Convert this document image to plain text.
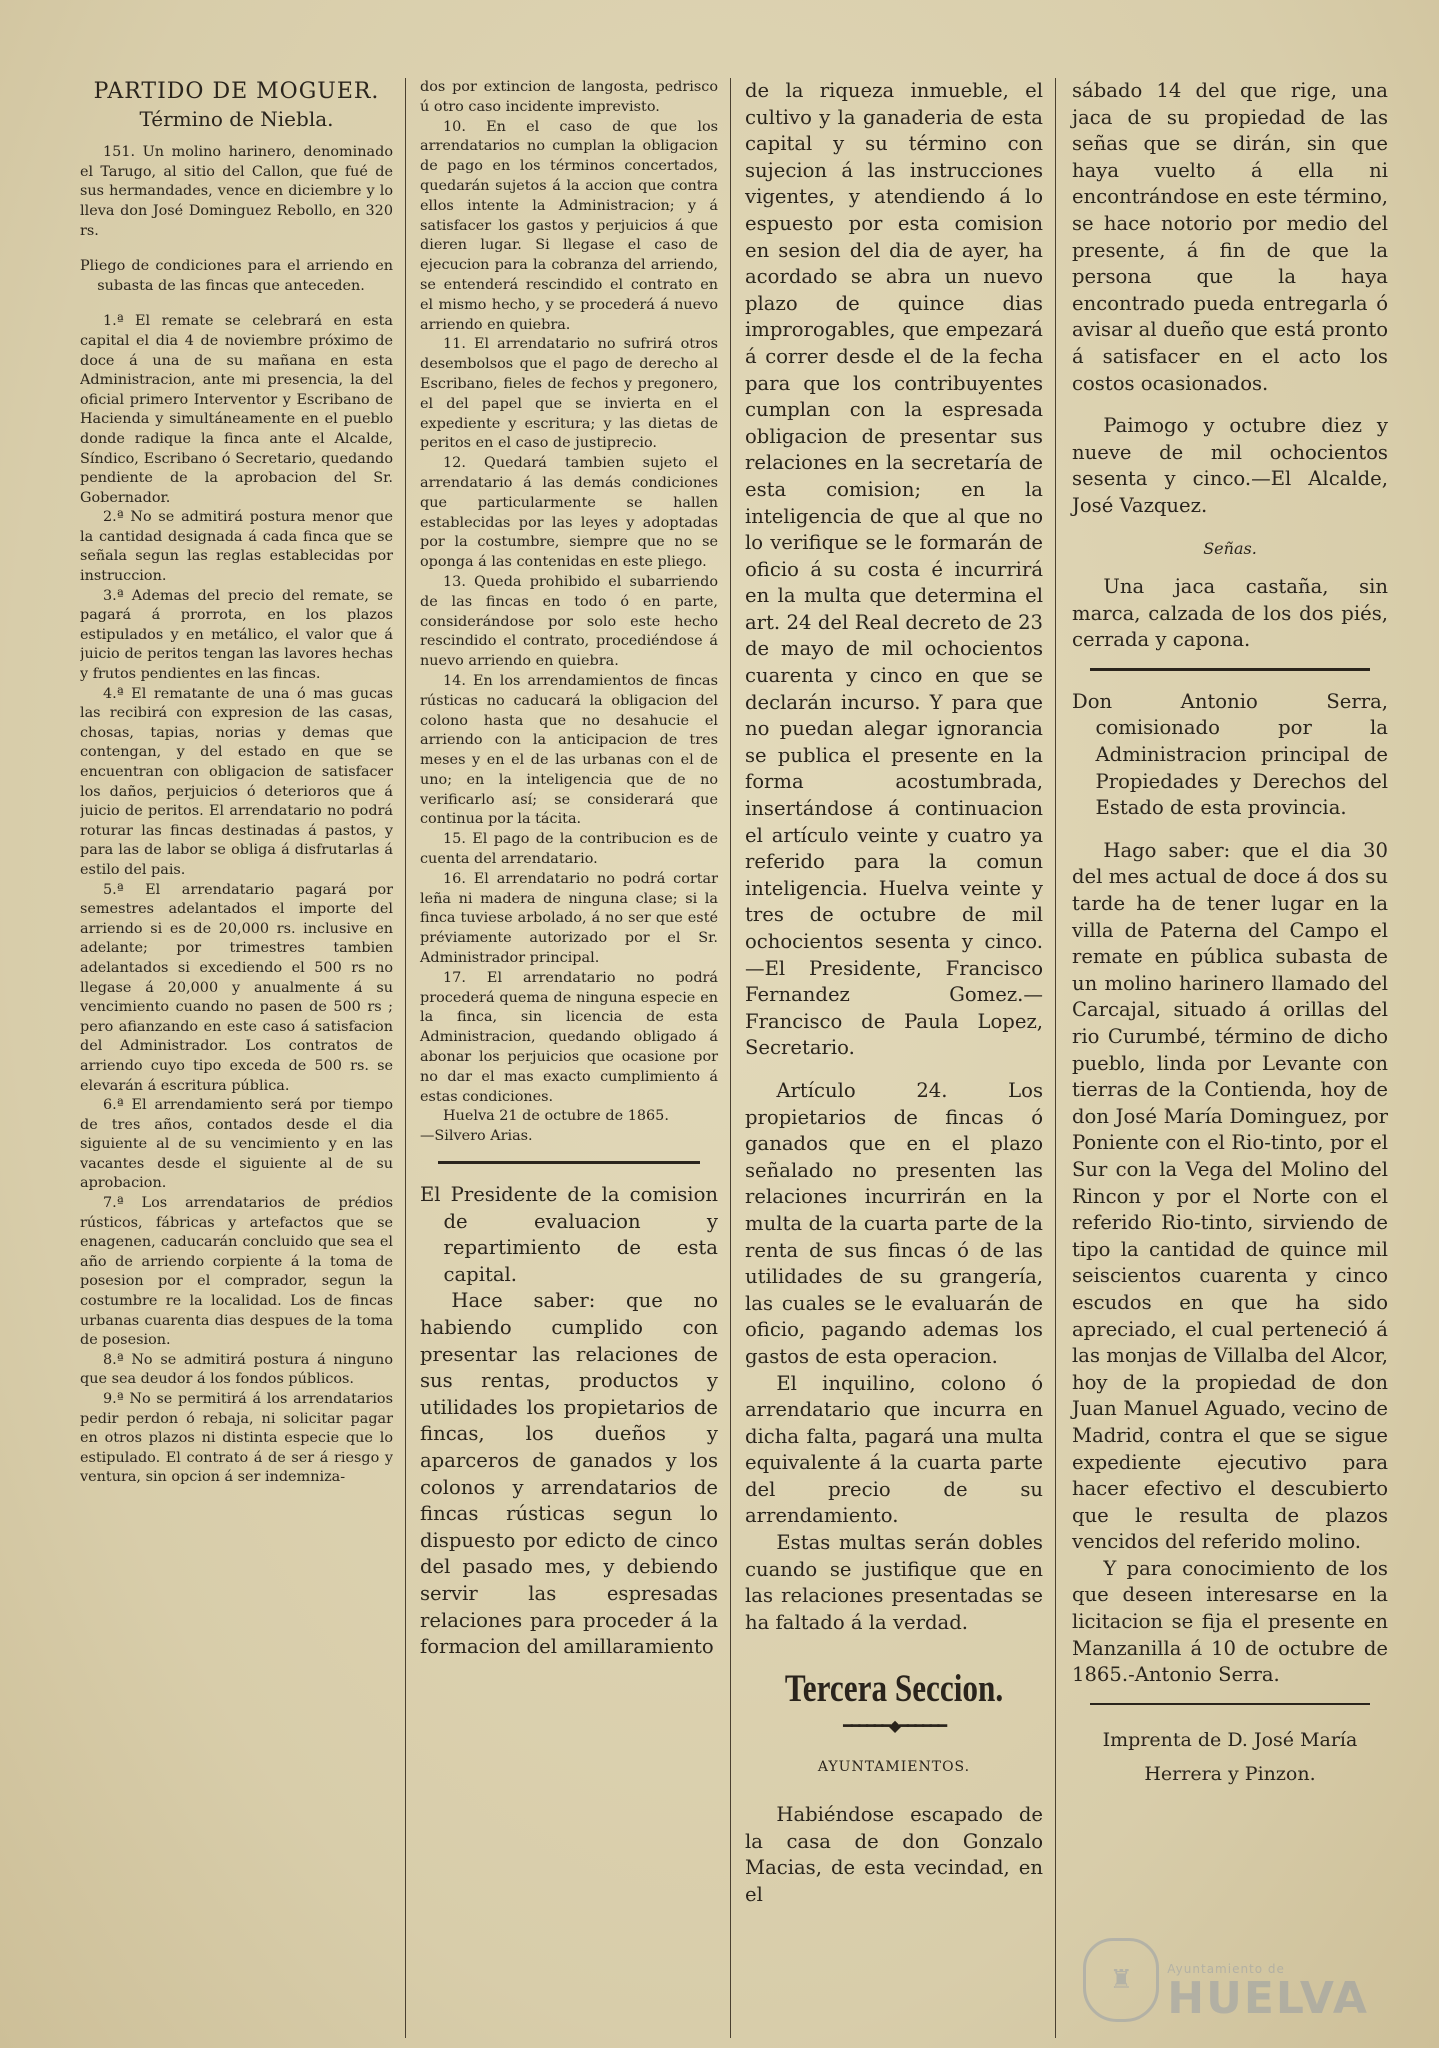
PARTIDO DE MOGUER.
Término de Niebla.

151. Un molino harinero, denominado el Tarugo, al sitio del Callon, que fué de sus hermandades, vence en diciembre y lo lleva don José Dominguez Rebollo, en 320 rs.

Pliego de condiciones para el arriendo en subasta de las fincas que anteceden.

1.ª El remate se celebrará en esta capital el dia 4 de noviembre próximo de doce á una de su mañana en esta Administracion, ante mi presencia, la del oficial primero Interventor y Escribano de Hacienda y simultáneamente en el pueblo donde radique la finca ante el Alcalde, Síndico, Escribano ó Secretario, quedando pendiente de la aprobacion del Sr. Gobernador.

2.ª No se admitirá postura menor que la cantidad designada á cada finca que se señala segun las reglas establecidas por instruccion.

3.ª Ademas del precio del remate, se pagará á prorrota, en los plazos estipulados y en metálico, el valor que á juicio de peritos tengan las lavores hechas y frutos pendientes en las fincas.

4.ª El rematante de una ó mas gucas las recibirá con expresion de las casas, chosas, tapias, norias y demas que contengan, y del estado en que se encuentran con obligacion de satisfacer los daños, perjuicios ó deterioros que á juicio de peritos. El arrendatario no podrá roturar las fincas destinadas á pastos, y para las de labor se obliga á disfrutarlas á estilo del pais.

5.ª El arrendatario pagará por semestres adelantados el importe del arriendo si es de 20,000 rs. inclusive en adelante; por trimestres tambien adelantados si excediendo el 500 rs no llegase á 20,000 y anualmente á su vencimiento cuando no pasen de 500 rs ; pero afianzando en este caso á satisfacion del Administrador. Los contratos de arriendo cuyo tipo exceda de 500 rs. se elevarán á escritura pública.

6.ª El arrendamiento será por tiempo de tres años, contados desde el dia siguiente al de su vencimiento y en las vacantes desde el siguiente al de su aprobacion.

7.ª Los arrendatarios de prédios rústicos, fábricas y artefactos que se enagenen, caducarán concluido que sea el año de arriendo corpiente á la toma de posesion por el comprador, segun la costumbre re la localidad. Los de fincas urbanas cuarenta dias despues de la toma de posesion.

8.ª No se admitirá postura á ninguno que sea deudor á los fondos públicos.

9.ª No se permitirá á los arrendatarios pedir perdon ó rebaja, ni solicitar pagar en otros plazos ni distinta especie que lo estipulado. El contrato á de ser á riesgo y ventura, sin opcion á ser indemniza-

dos por extincion de langosta, pedrisco ú otro caso incidente imprevisto.

10. En el caso de que los arrendatarios no cumplan la obligacion de pago en los términos concertados, quedarán sujetos á la accion que contra ellos intente la Administracion; y á satisfacer los gastos y perjuicios á que dieren lugar. Si llegase el caso de ejecucion para la cobranza del arriendo, se entenderá rescindido el contrato en el mismo hecho, y se procederá á nuevo arriendo en quiebra.

11. El arrendatario no sufrirá otros desembolsos que el pago de derecho al Escribano, fieles de fechos y pregonero, el del papel que se invierta en el expediente y escritura; y las dietas de peritos en el caso de justiprecio.

12. Quedará tambien sujeto el arrendatario á las demás condiciones que particularmente se hallen establecidas por las leyes y adoptadas por la costumbre, siempre que no se oponga á las contenidas en este pliego.

13. Queda prohibido el subarriendo de las fincas en todo ó en parte, considerándose por solo este hecho rescindido el contrato, procediéndose á nuevo arriendo en quiebra.

14. En los arrendamientos de fincas rústicas no caducará la obligacion del colono hasta que no desahucie el arriendo con la anticipacion de tres meses y en el de las urbanas con el de uno; en la inteligencia que de no verificarlo así; se considerará que continua por la tácita.

15. El pago de la contribucion es de cuenta del arrendatario.

16. El arrendatario no podrá cortar leña ni madera de ninguna clase; si la finca tuviese arbolado, á no ser que esté préviamente autorizado por el Sr. Administrador principal.

17. El arrendatario no podrá procederá quema de ninguna especie en la finca, sin licencia de esta Administracion, quedando obligado á abonar los perjuicios que ocasione por no dar el mas exacto cumplimiento á estas condiciones.

Huelva 21 de octubre de 1865.

—Silvero Arias.

El Presidente de la comision de evaluacion y repartimiento de esta capital.

Hace saber: que no habiendo cumplido con presentar las relaciones de sus rentas, productos y utilidades los propietarios de fincas, los dueños y aparceros de ganados y los colonos y arrendatarios de fincas rústicas segun lo dispuesto por edicto de cinco del pasado mes, y debiendo servir las espresadas relaciones para proceder á la formacion del amillaramiento

de la riqueza inmueble, el cultivo y la ganaderia de esta capital y su término con sujecion á las instrucciones vigentes, y atendiendo á lo espuesto por esta comision en sesion del dia de ayer, ha acordado se abra un nuevo plazo de quince dias improrogables, que empezará á correr desde el de la fecha para que los contribuyentes cumplan con la espresada obligacion de presentar sus relaciones en la secretaría de esta comision; en la inteligencia de que al que no lo verifique se le formarán de oficio á su costa é incurrirá en la multa que determina el art. 24 del Real decreto de 23 de mayo de mil ochocientos cuarenta y cinco en que se declarán incurso. Y para que no puedan alegar ignorancia se publica el presente en la forma acostumbrada, insertándose á continuacion el artículo veinte y cuatro ya referido para la comun inteligencia. Huelva veinte y tres de octubre de mil ochocientos sesenta y cinco.—El Presidente, Francisco Fernandez Gomez.—Francisco de Paula Lopez, Secretario.

Artículo 24. Los propietarios de fincas ó ganados que en el plazo señalado no presenten las relaciones incurrirán en la multa de la cuarta parte de la renta de sus fincas ó de las utilidades de su grangería, las cuales se le evaluarán de oficio, pagando ademas los gastos de esta operacion.

El inquilino, colono ó arrendatario que incurra en dicha falta, pagará una multa equivalente á la cuarta parte del precio de su arrendamiento.

Estas multas serán dobles cuando se justifique que en las relaciones presentadas se ha faltado á la verdad.

Tercera Seccion.
━━━━━━◆━━━━━━
AYUNTAMIENTOS.

Habiéndose escapado de la casa de don Gonzalo Macias, de esta vecindad, en el

sábado 14 del que rige, una jaca de su propiedad de las señas que se dirán, sin que haya vuelto á ella ni encontrándose en este término, se hace notorio por medio del presente, á fin de que la persona que la haya encontrado pueda entregarla ó avisar al dueño que está pronto á satisfacer en el acto los costos ocasionados.

Paimogo y octubre diez y nueve de mil ochocientos sesenta y cinco.—El Alcalde, José Vazquez.

Señas.

Una jaca castaña, sin marca, calzada de los dos piés, cerrada y capona.

Don Antonio Serra, comisionado por la Administracion principal de Propiedades y Derechos del Estado de esta provincia.

Hago saber: que el dia 30 del mes actual de doce á dos su tarde ha de tener lugar en la villa de Paterna del Campo el remate en pública subasta de un molino harinero llamado del Carcajal, situado á orillas del rio Curumbé, término de dicho pueblo, linda por Levante con tierras de la Contienda, hoy de don José María Dominguez, por Poniente con el Rio-tinto, por el Sur con la Vega del Molino del Rincon y por el Norte con el referido Rio-tinto, sirviendo de tipo la cantidad de quince mil seiscientos cuarenta y cinco escudos en que ha sido apreciado, el cual perteneció á las monjas de Villalba del Alcor, hoy de la propiedad de don Juan Manuel Aguado, vecino de Madrid, contra el que se sigue expediente ejecutivo para hacer efectivo el descubierto que le resulta de plazos vencidos del referido molino.

Y para conocimiento de los que deseen interesarse en la licitacion se fija el presente en Manzanilla á 10 de octubre de 1865.-Antonio Serra.

Imprenta de D. José María
Herrera y Pinzon.
♜	Ayuntamiento de
HUELVA
